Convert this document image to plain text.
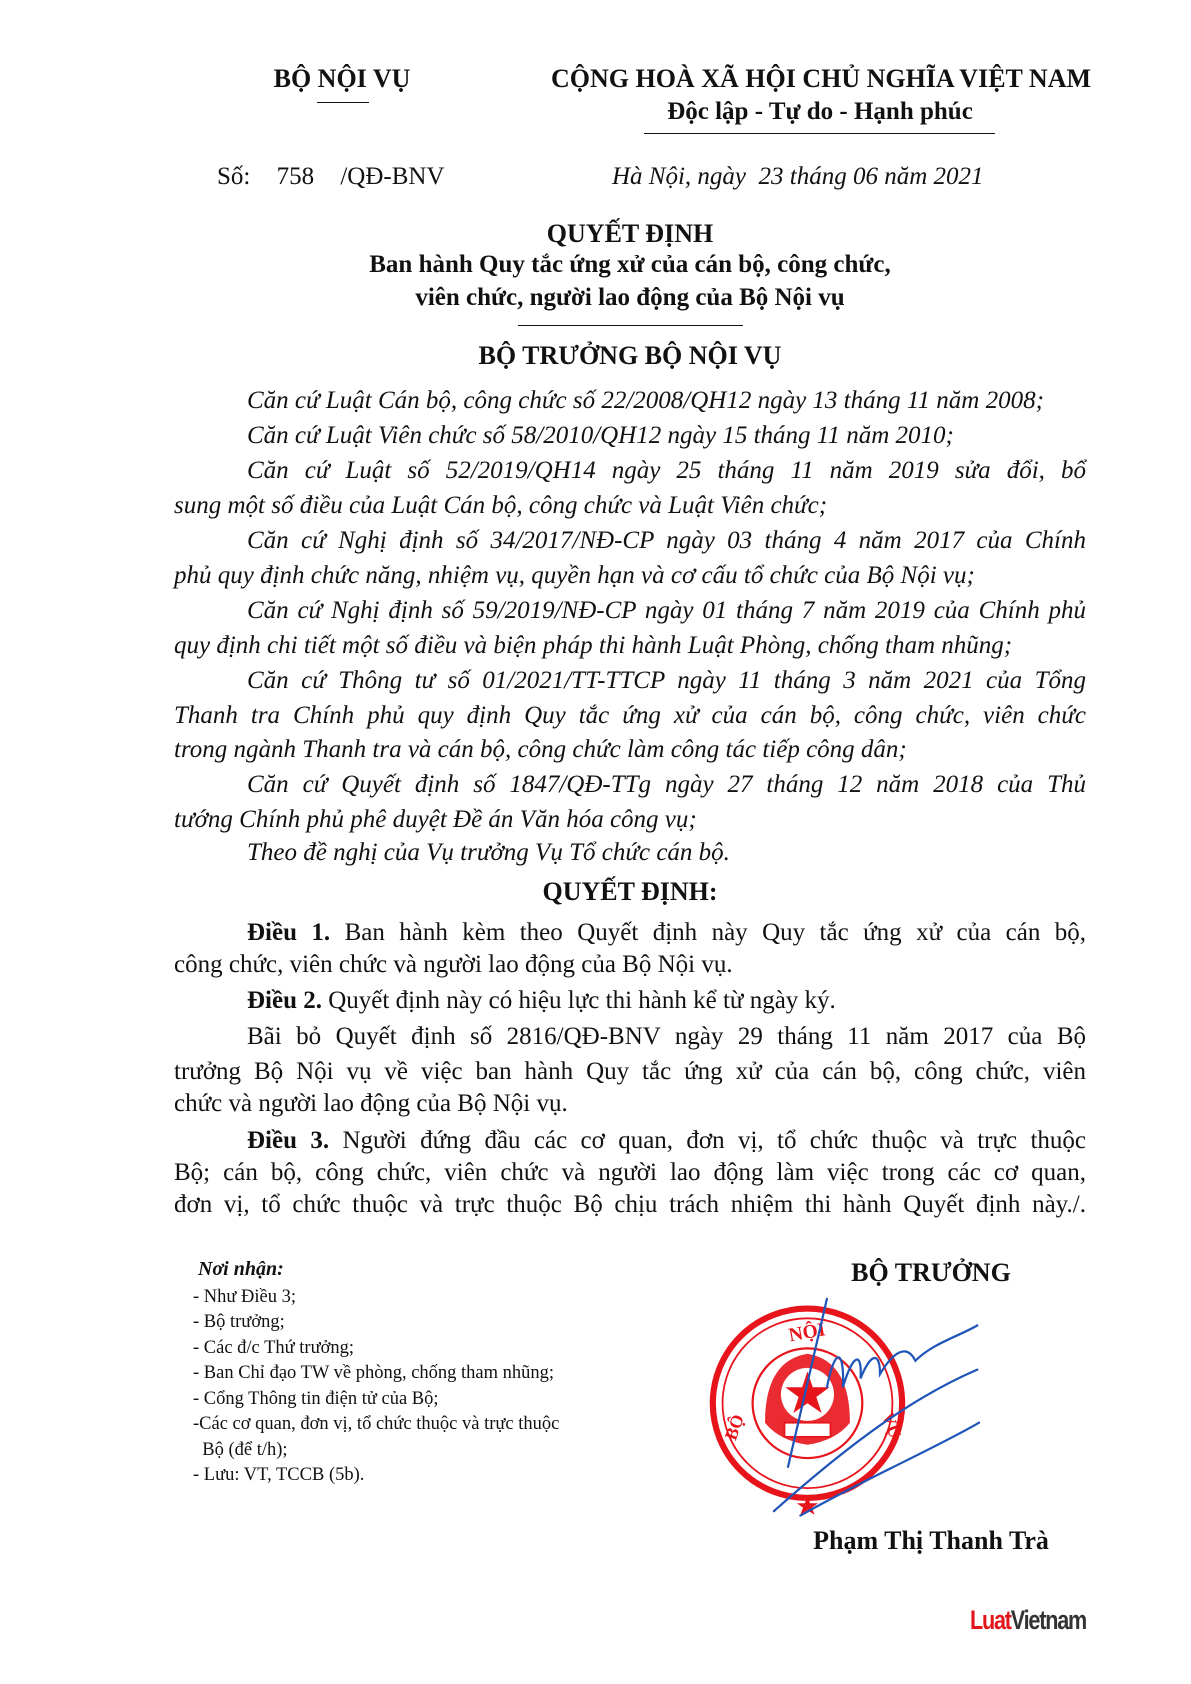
BỘ NỘI VỤ	CỘNG HOÀ XÃ HỘI CHỦ NGHĨA VIỆT NAM
Độc lập - Tự do - Hạnh phúc
Số: 758 /QĐ-BNV	Hà Nội, ngày  23 tháng 06 năm 2021
QUYẾT ĐỊNH
Ban hành Quy tắc ứng xử của cán bộ, công chức,
viên chức, người lao động của Bộ Nội vụ
BỘ TRƯỞNG BỘ NỘI VỤ
Căn cứ Luật Cán bộ, công chức số 22/2008/QH12 ngày 13 tháng 11 năm 2008;
Căn cứ Luật Viên chức số 58/2010/QH12 ngày 15 tháng 11 năm 2010;
Căn cứ Luật số 52/2019/QH14 ngày 25 tháng 11 năm 2019 sửa đổi, bổ
sung một số điều của Luật Cán bộ, công chức và Luật Viên chức;
Căn cứ Nghị định số 34/2017/NĐ-CP ngày 03 tháng 4 năm 2017 của Chính
phủ quy định chức năng, nhiệm vụ, quyền hạn và cơ cấu tổ chức của Bộ Nội vụ;
Căn cứ Nghị định số 59/2019/NĐ-CP ngày 01 tháng 7 năm 2019 của Chính phủ
quy định chi tiết một số điều và biện pháp thi hành Luật Phòng, chống tham nhũng;
Căn cứ Thông tư số 01/2021/TT-TTCP ngày 11 tháng 3 năm 2021 của Tổng
Thanh tra Chính phủ quy định Quy tắc ứng xử của cán bộ, công chức, viên chức
trong ngành Thanh tra và cán bộ, công chức làm công tác tiếp công dân;
Căn cứ Quyết định số 1847/QĐ-TTg ngày 27 tháng 12 năm 2018 của Thủ
tướng Chính phủ phê duyệt Đề án Văn hóa công vụ;
Theo đề nghị của Vụ trưởng Vụ Tổ chức cán bộ.
QUYẾT ĐỊNH:
Điều 1. Ban hành kèm theo Quyết định này Quy tắc ứng xử của cán bộ,
công chức, viên chức và người lao động của Bộ Nội vụ.
Điều 2. Quyết định này có hiệu lực thi hành kể từ ngày ký.
Bãi bỏ Quyết định số 2816/QĐ-BNV ngày 29 tháng 11 năm 2017 của Bộ
trưởng Bộ Nội vụ về việc ban hành Quy tắc ứng xử của cán bộ, công chức, viên
chức và người lao động của Bộ Nội vụ.
Điều 3. Người đứng đầu các cơ quan, đơn vị, tổ chức thuộc và trực thuộc
Bộ; cán bộ, công chức, viên chức và người lao động làm việc trong các cơ quan,
đơn vị, tổ chức thuộc và trực thuộc Bộ chịu trách nhiệm thi hành Quyết định này./.
Nơi nhận:
- Như Điều 3;
- Bộ trưởng;
- Các đ/c Thứ trưởng;
- Ban Chỉ đạo TW về phòng, chống tham nhũng;
- Cổng Thông tin điện tử của Bộ;
-Các cơ quan, đơn vị, tổ chức thuộc và trực thuộc
Bộ (để t/h);
- Lưu: VT, TCCB (5b).
BỘ TRƯỞNG
NỘI
BỘ	VỤ
Phạm Thị Thanh Trà
LuatVietnam
